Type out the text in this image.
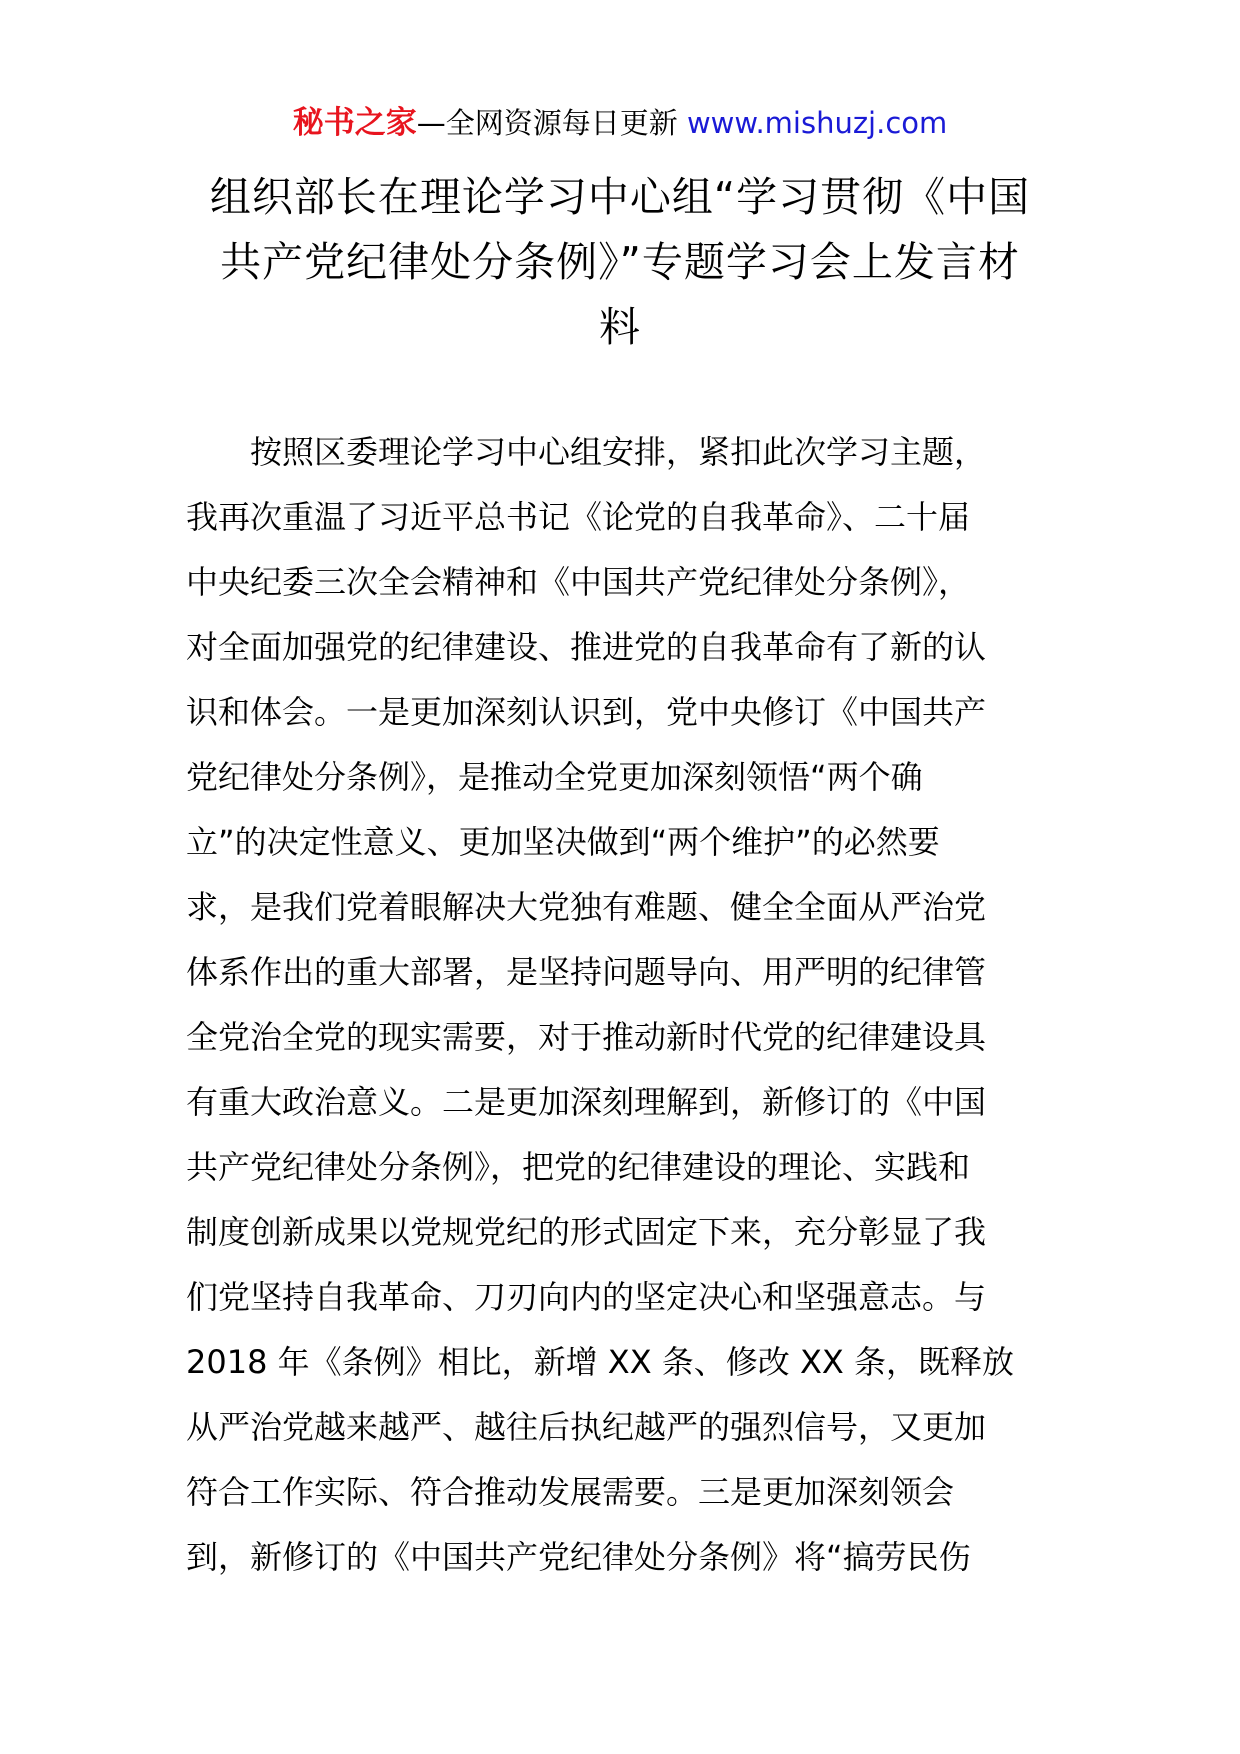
秘书之家—全网资源每日更新 www.mishuzj.com
组织部长在理论学习中心组“学习贯彻《中国
共产党纪律处分条例》”专题学习会上发言材
料
　　按照区委理论学习中心组安排，紧扣此次学习主题，
我再次重温了习近平总书记《论党的自我革命》、二十届
中央纪委三次全会精神和《中国共产党纪律处分条例》，
对全面加强党的纪律建设、推进党的自我革命有了新的认
识和体会。一是更加深刻认识到，党中央修订《中国共产
党纪律处分条例》，是推动全党更加深刻领悟“两个确
立”的决定性意义、更加坚决做到“两个维护”的必然要
求，是我们党着眼解决大党独有难题、健全全面从严治党
体系作出的重大部署，是坚持问题导向、用严明的纪律管
全党治全党的现实需要，对于推动新时代党的纪律建设具
有重大政治意义。二是更加深刻理解到，新修订的《中国
共产党纪律处分条例》，把党的纪律建设的理论、实践和
制度创新成果以党规党纪的形式固定下来，充分彰显了我
们党坚持自我革命、刀刃向内的坚定决心和坚强意志。与
2018 年《条例》相比，新增 XX 条、修改 XX 条，既释放
从严治党越来越严、越往后执纪越严的强烈信号，又更加
符合工作实际、符合推动发展需要。三是更加深刻领会
到，新修订的《中国共产党纪律处分条例》将“搞劳民伤
